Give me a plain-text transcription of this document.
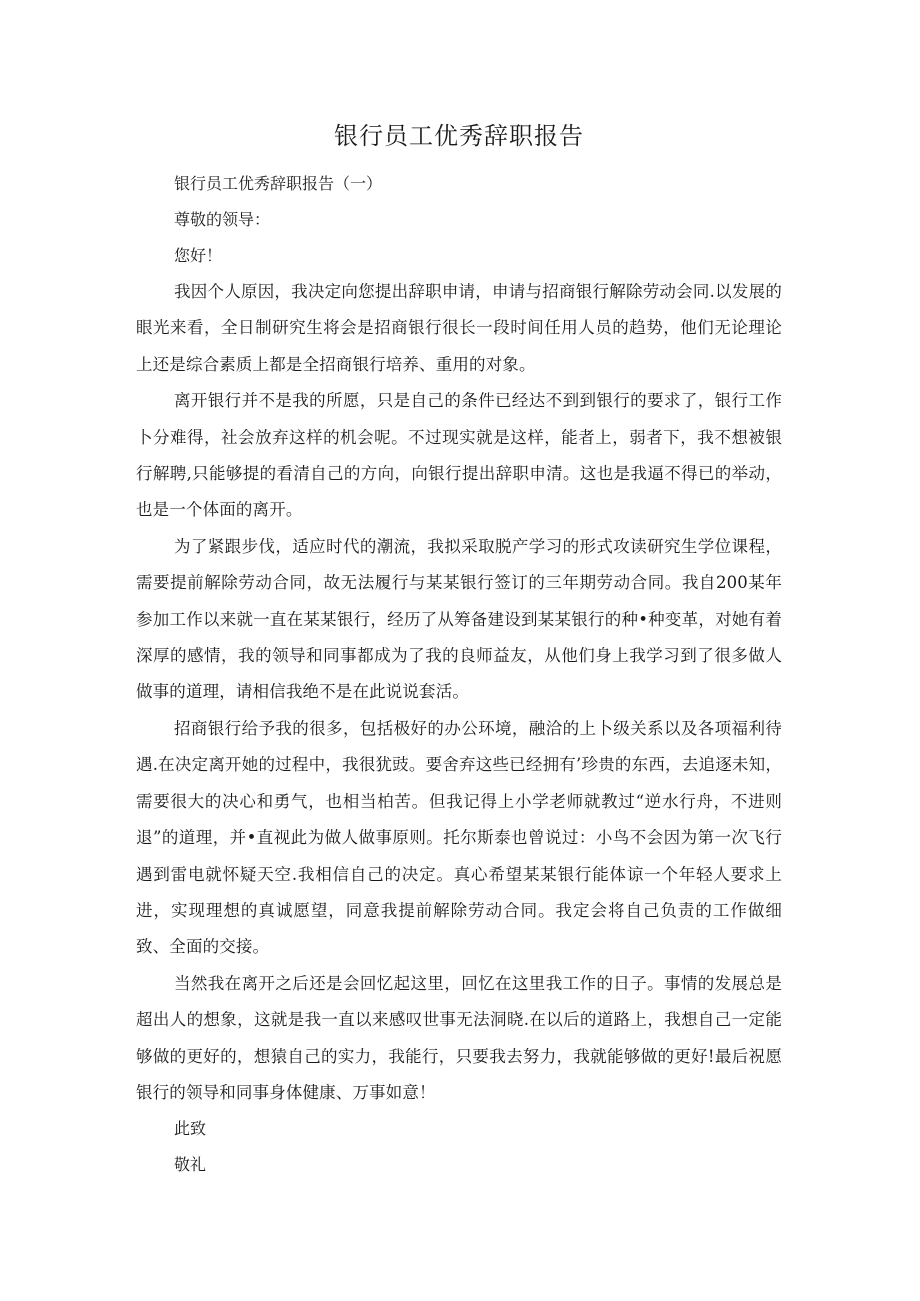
银行员工优秀辞职报告

银行员工优秀辞职报告（一）

尊敬的领导：

您好！

我因个人原因，我决定向您提出辞职申请，申请与招商银行解除劳动会同.以发展的眼光来看，全日制研究生将会是招商银行很长一段时间任用人员的趋势，他们无论理论上还是综合素质上都是全招商银行培养、重用的对象。

离开银行并不是我的所愿，只是自己的条件已经达不到到银行的要求了，银行工作卜分难得，社会放弃这样的机会呢。不过现实就是这样，能者上，弱者下，我不想被银行解聘,只能够提的看清自己的方向，向银行提出辞职申清。这也是我逼不得已的举动，也是一个体面的离开。

为了紧跟步伐，适应时代的潮流，我拟采取脱产学习的形式攻读研究生学位课程，需要提前解除劳动合同，故无法履行与某某银行签订的三年期劳动合同。我自200某年参加工作以来就一直在某某银行，经历了从筹备建设到某某银行的种•种变革，对她有着深厚的感情，我的领导和同事都成为了我的良师益友，从他们身上我学习到了很多做人做事的道理，请相信我绝不是在此说说套活。

招商银行给予我的很多，包括极好的办公环境，融洽的上卜级关系以及各项福利待遇.在决定离开她的过程中，我很犹豉。要舍弃这些已经拥有’珍贵的东西，去追逐未知，需要很大的决心和勇气，也相当柏苦。但我记得上小学老师就教过“逆水行舟，不进则退”的道理，并•直视此为做人做事原则。托尔斯泰也曾说过：小鸟不会因为第一次飞行遇到雷电就怀疑天空.我相信自己的决定。真心希望某某银行能体谅一个年轻人要求上进，实现理想的真诚愿望，同意我提前解除劳动合同。我定会将自己负责的工作做细致、全面的交接。

当然我在离开之后还是会回忆起这里，回忆在这里我工作的日子。事情的发展总是超出人的想象，这就是我一直以来感叹世事无法洞晓.在以后的道路上，我想自己一定能够做的更好的，想猿自己的实力，我能行，只要我去努力，我就能够做的更好!最后祝愿银行的领导和同事身体健康、万事如意！

此致

敬礼
